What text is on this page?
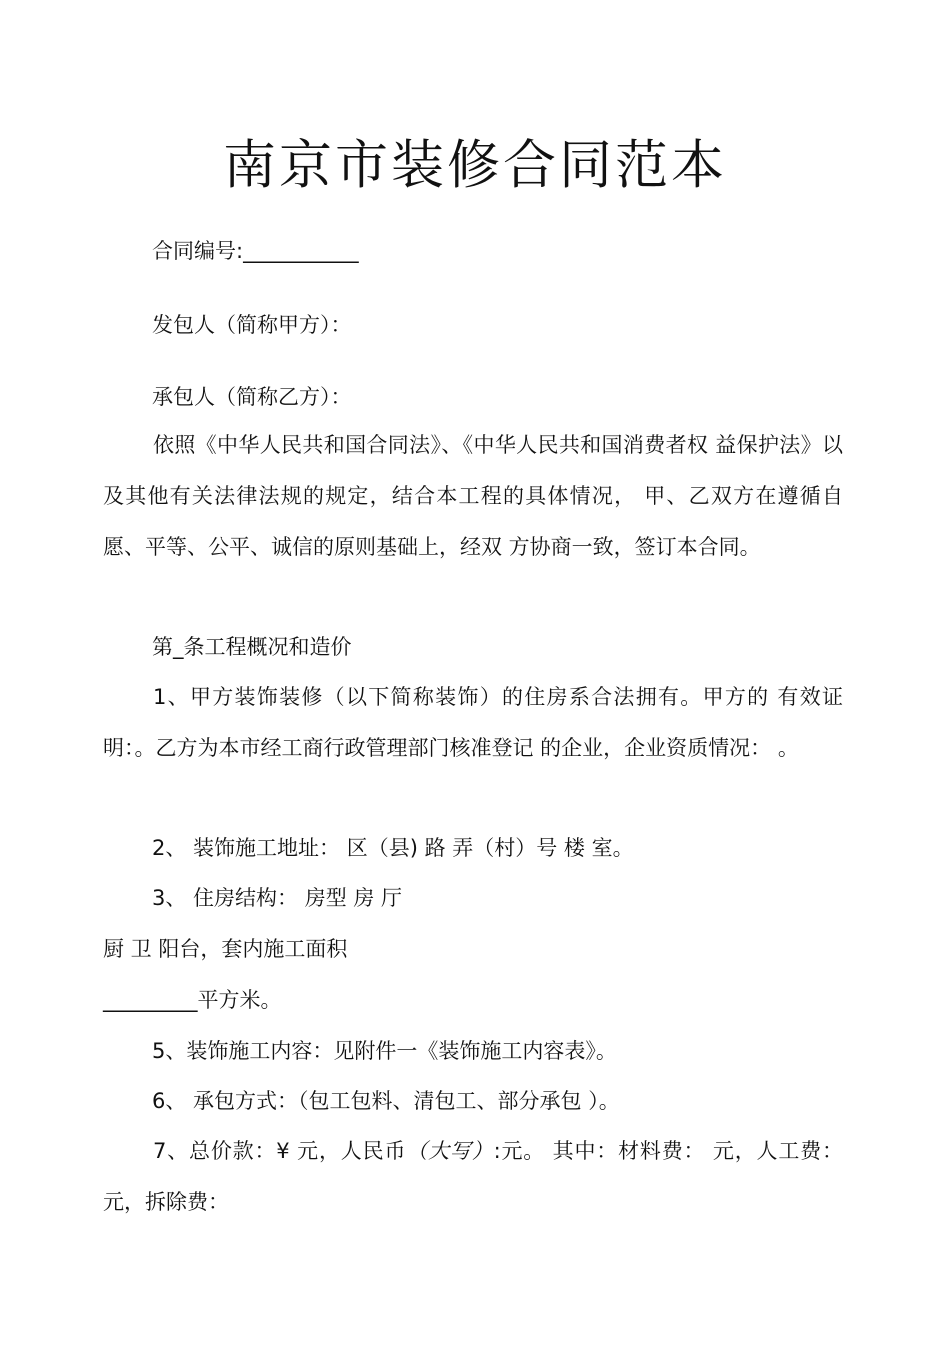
南京市装修合同范本
合同编号:___________
发包人（简称甲方）：
承包人（简称乙方）：
依照《中华人民共和国合同法》、《中华人民共和国消费者权 益保护法》以及其他有关法律法规的规定，结合本工程的具体情况， 甲、乙双方在遵循自愿、平等、公平、诚信的原则基础上，经双 方协商一致，签订本合同。
第_条工程概况和造价
1、甲方装饰装修（以下简称装饰）的住房系合法拥有。甲方的 有效证明：。乙方为本市经工商行政管理部门核准登记 的企业，企业资质情况： 。
2、 装饰施工地址： 区（县) 路 弄（村）号 楼 室。
3、 住房结构： 房型 房 厅
厨 卫 阳台，套内施工面积
_________平方米。
5、装饰施工内容：见附件一《装饰施工内容表》。
6、 承包方式：（包工包料、清包工、部分承包 ）。
7、总价款：¥ 元，人民币（大写）:元。 其中：材料费： 元，人工费： 元，拆除费：
